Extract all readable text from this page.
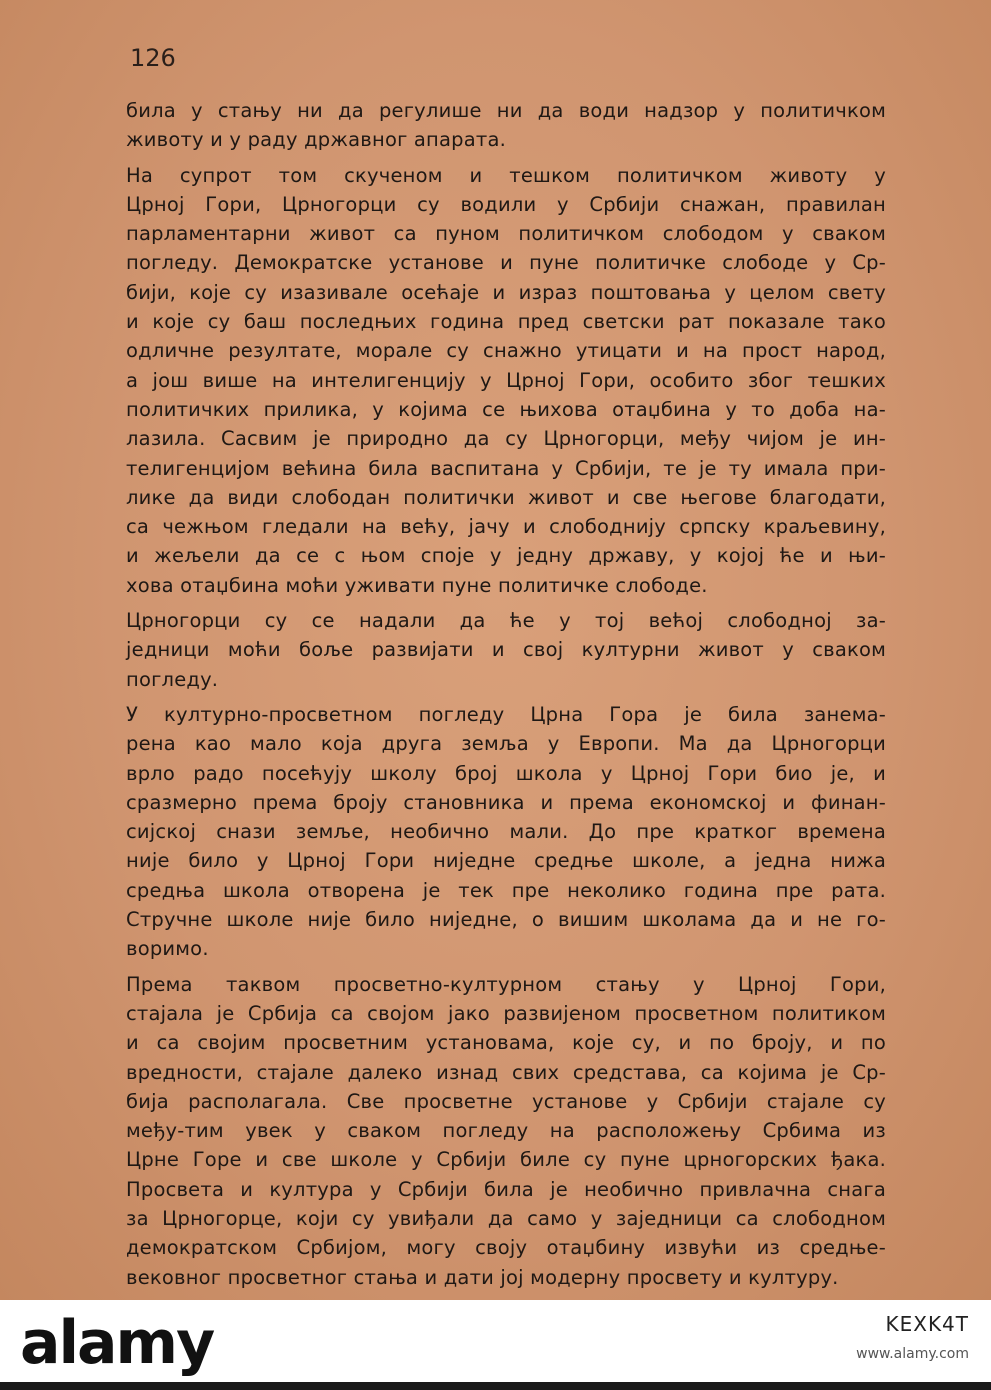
126
била у стању ни да регулише ни да води надзор у политичком
животу и у раду државног апарата.
На супрот том скученом и тешком политичком животу у
Црној Гори, Црногорци су водили у Србији снажан, правилан
парламентарни живот са пуном политичком слободом у сваком
погледу. Демократске установе и пуне политичке слободе у Ср-
бији, које су изазивале осећаје и израз поштовања у целом свету
и које су баш последњих година пред светски рат показале тако
одличне резултате, морале су снажно утицати и на прост народ,
а још више на интелигенцију у Црној Гори, особито због тешких
политичких прилика, у којима се њихова отаџбина у то доба на-
лазила. Сасвим је природно да су Црногорци, међу чијом је ин-
телигенцијом већина била васпитана у Србији, те је ту имала при-
лике да види слободан политички живот и све његове благодати,
са чежњом гледали на већу, јачу и слободнију српску краљевину,
и жељели да се с њом споје у једну државу, у којој ће и њи-
хова отаџбина моћи уживати пуне политичке слободе.
Црногорци су се надали да ће у тој већој слободној за-
једници моћи боље развијати и свој културни живот у сваком
погледу.
У културно-просветном погледу Црна Гора је била занема-
рена као мало која друга земља у Европи. Ма да Црногорци
врло радо посећују школу број школа у Црној Гори био је, и
сразмерно према броју становника и према економској и финан-
сијској снази земље, необично мали. До пре кратког времена
није било у Црној Гори ниједне средње школе, а једна нижа
средња школа отворена је тек пре неколико година пре рата.
Стручне школе није било ниједне, о вишим школама да и не го-
воримо.
Према таквом просветно-културном стању у Црној Гори,
стајала је Србија са својом јако развијеном просветном политиком
и са својим просветним установама, које су, и по броју, и по
вредности, стајале далеко изнад свих средстава, са којима је Ср-
бија располагала. Све просветне установе у Србији стајале су
међу-тим увек у сваком погледу на расположењу Србима из
Црне Горе и све школе у Србији биле су пуне црногорских ђака.
Просвета и култура у Србији била је необично привлачна снага
за Црногорце, који су увиђали да само у заједници са слободном
демократском Србијом, могу своју отаџбину извући из средње-
вековног просветног стања и дати јој модерну просвету и културу.
alamy	KEXK4T
www.alamy.com
